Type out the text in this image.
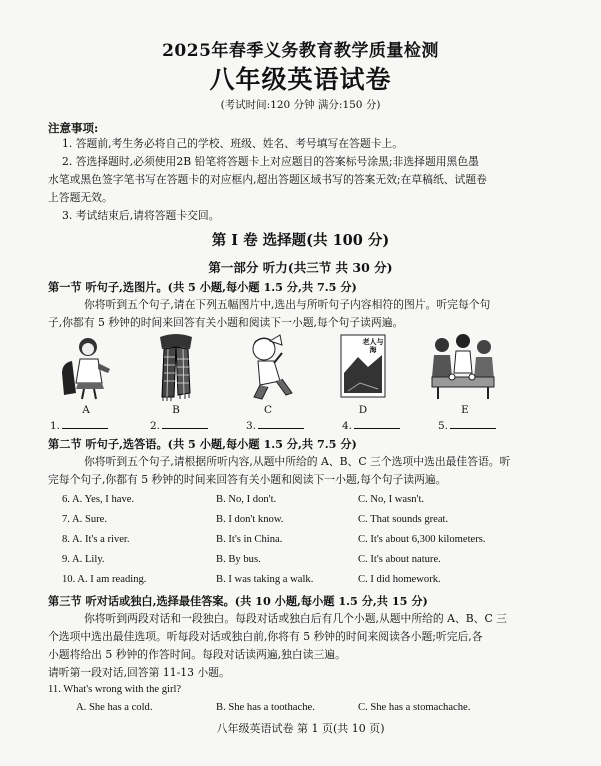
2025年春季义务教育教学质量检测
八年级英语试卷
(考试时间:120 分钟 满分:150 分)
注意事项:
1. 答题前,考生务必将自己的学校、班级、姓名、考号填写在答题卡上。
2. 答选择题时,必须使用2B 铅笔将答题卡上对应题目的答案标号涂黑;非选择题用黑色墨
水笔或黑色签字笔书写在答题卡的对应框内,超出答题区域书写的答案无效;在草稿纸、试题卷
上答题无效。
3. 考试结束后,请将答题卡交回。
第 I 卷 选择题(共 100 分)
第一部分 听力(共三节 共 30 分)
第一节 听句子,选图片。(共 5 小题,每小题 1.5 分,共 7.5 分)
你将听到五个句子,请在下列五幅图片中,选出与所听句子内容相符的图片。听完每个句
子,你都有 5 秒钟的时间来回答有关小题和阅读下一小题,每个句子读两遍。
老人与海
A	B	C	D	E
1.	2.	3.	4.	5.
第二节 听句子,选答语。(共 5 小题,每小题 1.5 分,共 7.5 分)
你将听到五个句子,请根据所听内容,从题中所给的 A、B、C 三个选项中选出最佳答语。听
完每个句子,你都有 5 秒钟的时间来回答有关小题和阅读下一小题,每个句子读两遍。
6. A. Yes, I have.	B. No, I don't.	C. No, I wasn't.
7. A. Sure.	B. I don't know.	C. That sounds great.
8. A. It's a river.	B. It's in China.	C. It's about 6,300 kilometers.
9. A. Lily.	B. By bus.	C. It's about nature.
10. A. I am reading.	B. I was taking a walk.	C. I did homework.
第三节 听对话或独白,选择最佳答案。(共 10 小题,每小题 1.5 分,共 15 分)
你将听到两段对话和一段独白。每段对话或独白后有几个小题,从题中所给的 A、B、C 三
个选项中选出最佳选项。听每段对话或独白前,你将有 5 秒钟的时间来阅读各小题;听完后,各
小题将给出 5 秒钟的作答时间。每段对话读两遍,独白读三遍。
请听第一段对话,回答第 11-13 小题。
11. What's wrong with the girl?
A. She has a cold.	B. She has a toothache.	C. She has a stomachache.
八年级英语试卷 第 1 页(共 10 页)
